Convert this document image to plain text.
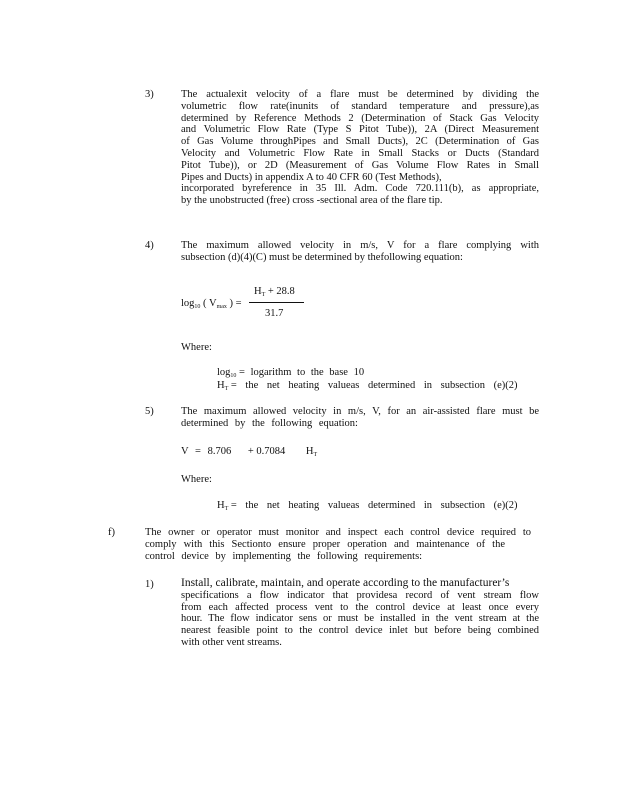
3)	The actualexit velocity of a flare must be determined by dividing the
volumetric flow rate(inunits of standard temperature and pressure),as
determined by Reference Methods 2 (Determination of Stack Gas Velocity
and Volumetric Flow Rate (Type S Pitot Tube)), 2A (Direct Measurement
of Gas Volume throughPipes and Small Ducts), 2C (Determination of Gas
Velocity and Volumetric Flow Rate in Small Stacks or Ducts (Standard
Pitot Tube)), or 2D (Measurement of Gas Volume Flow Rates in Small
Pipes and Ducts) in appendix A to 40 CFR 60 (Test Methods),
incorporated byreference in 35 Ill. Adm. Code 720.111(b), as appropriate,
by the unobstructed (free) cross -sectional area of the flare tip.
4)	The maximum allowed velocity in m/s, V for a flare complying with
subsection (d)(4)(C) must be determined by thefollowing equation:
log10 ( Vmax ) =
HT + 28.8
31.7
Where:
log10 = logarithm to the base 10
HT = the net heating valueas determined in subsection (e)(2)
5)	The maximum allowed velocity in m/s, V, for an air-assisted flare must be
determined by the following equation:
V = 8.706 + 0.7084 HT
Where:
HT = the net heating valueas determined in subsection (e)(2)
f)	The owner or operator must monitor and inspect each control device required to
comply with this Sectionto ensure proper operation and maintenance of the
control device by implementing the following requirements:
1) Install, calibrate, maintain, and operate according to the manufacturer’s
specifications a flow indicator that providesa record of vent stream flow
from each affected process vent to the control device at least once every
hour. The flow indicator sens or must be installed in the vent stream at the
nearest feasible point to the control device inlet but before being combined
with other vent streams.
